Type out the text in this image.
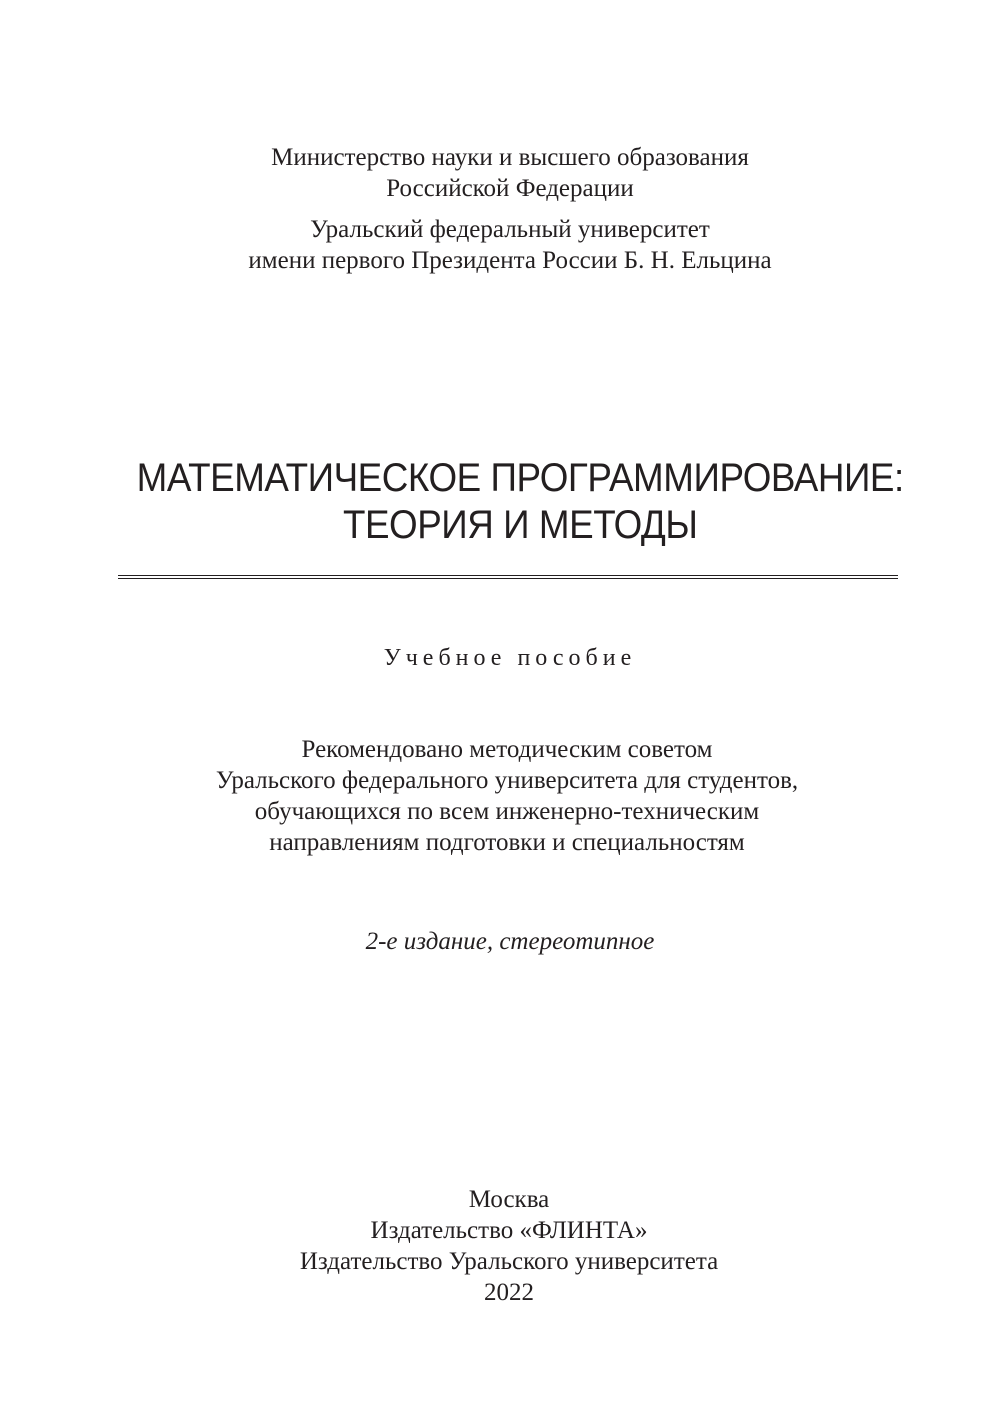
Министерство науки и высшего образования
Российской Федерации
Уральский федеральный университет
имени первого Президента России Б. Н. Ельцина
МАТЕМАТИЧЕСКОЕ ПРОГРАММИРОВАНИЕ:
ТЕОРИЯ И МЕТОДЫ
Учебное пособие
Рекомендовано методическим советом
Уральского федерального университета для студентов,
обучающихся по всем инженерно-техническим
направлениям подготовки и специальностям
2-е издание, стереотипное
Москва
Издательство «ФЛИНТА»
Издательство Уральского университета
2022
